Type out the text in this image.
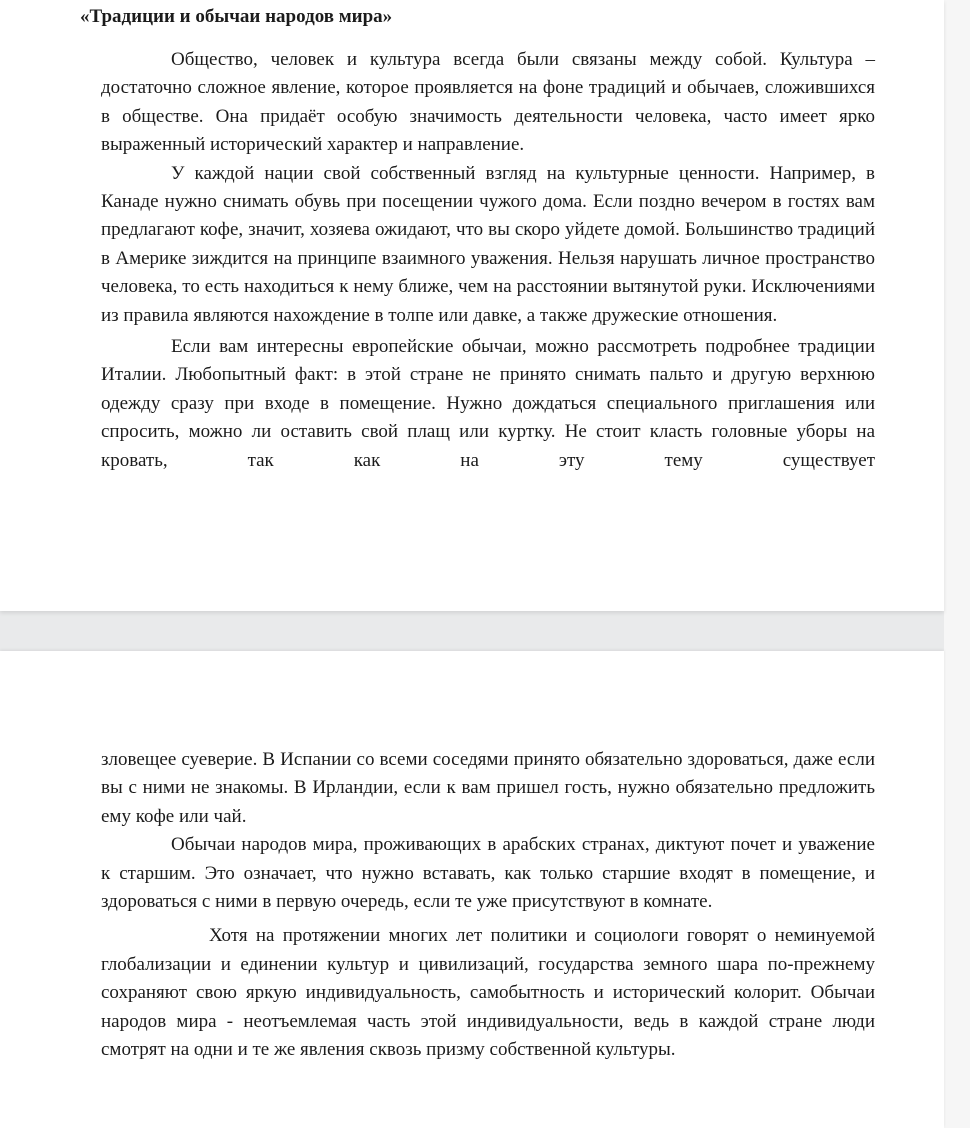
«Традиции и обычаи народов мира»

Общество, человек и культура всегда были связаны между собой. Культура – достаточно сложное явление, которое проявляется на фоне традиций и обычаев, сложившихся в обществе. Она придаёт особую значимость деятельности человека, часто имеет ярко выраженный исторический характер и направление.

У каждой нации свой собственный взгляд на культурные ценности. Например, в Канаде нужно снимать обувь при посещении чужого дома. Если поздно вечером в гостях вам предлагают кофе, значит, хозяева ожидают, что вы скоро уйдете домой. Большинство традиций в Америке зиждится на принципе взаимного уважения. Нельзя нарушать личное пространство человека, то есть находиться к нему ближе, чем на расстоянии вытянутой руки. Исключениями из правила являются нахождение в толпе или давке, а также дружеские отношения.

Если вам интересны европейские обычаи, можно рассмотреть подробнее традиции Италии. Любопытный факт: в этой стране не принято снимать пальто и другую верхнюю одежду сразу при входе в помещение. Нужно дождаться специального приглашения или спросить, можно ли оставить свой плащ или куртку. Не стоит класть головные уборы на кровать, так как на эту тему существует

зловещее суеверие. В Испании со всеми соседями принято обязательно здороваться, даже если вы с ними не знакомы. В Ирландии, если к вам пришел гость, нужно обязательно предложить ему кофе или чай.

Обычаи народов мира, проживающих в арабских странах, диктуют почет и уважение к старшим. Это означает, что нужно вставать, как только старшие входят в помещение, и здороваться с ними в первую очередь, если те уже присутствуют в комнате.

Хотя на протяжении многих лет политики и социологи говорят о неминуемой глобализации и единении культур и цивилизаций, государства земного шара по-прежнему сохраняют свою яркую индивидуальность, самобытность и исторический колорит. Обычаи народов мира - неотъемлемая часть этой индивидуальности, ведь в каждой стране люди смотрят на одни и те же явления сквозь призму собственной культуры.
